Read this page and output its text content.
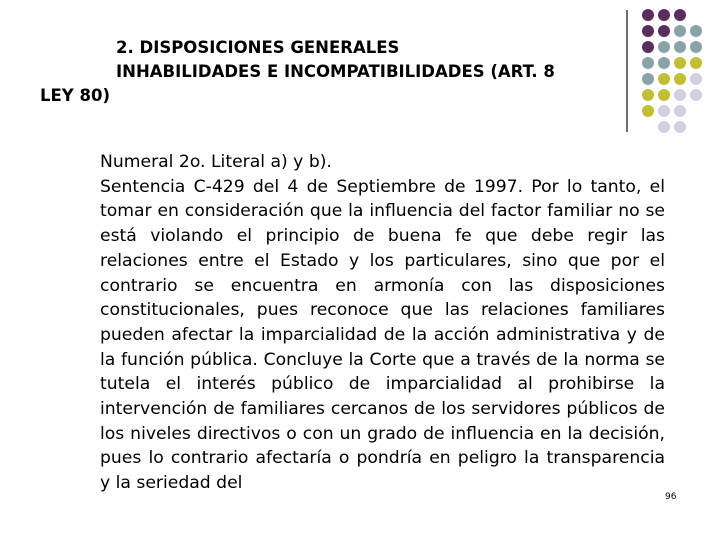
2. DISPOSICIONES GENERALES
INHABILIDADES E INCOMPATIBILIDADES (ART. 8
LEY 80)

Numeral 2o. Literal a) y b).

Sentencia C-429 del 4 de Septiembre de 1997. Por lo tanto, el tomar en consideración que la influencia del factor familiar no se está violando el principio de buena fe que debe regir las relaciones entre el Estado y los particulares, sino que por el contrario se encuentra en armonía con las disposiciones constitucionales, pues reconoce que las relaciones familiares pueden afectar la imparcialidad de la acción administrativa y de la función pública. Concluye la Corte que a través de la norma se tutela el interés público de imparcialidad al prohibirse la intervención de familiares cercanos de los servidores públicos de los niveles directivos o con un grado de influencia en la decisión, pues lo contrario afectaría o pondría en peligro la transparencia y la seriedad del

96
